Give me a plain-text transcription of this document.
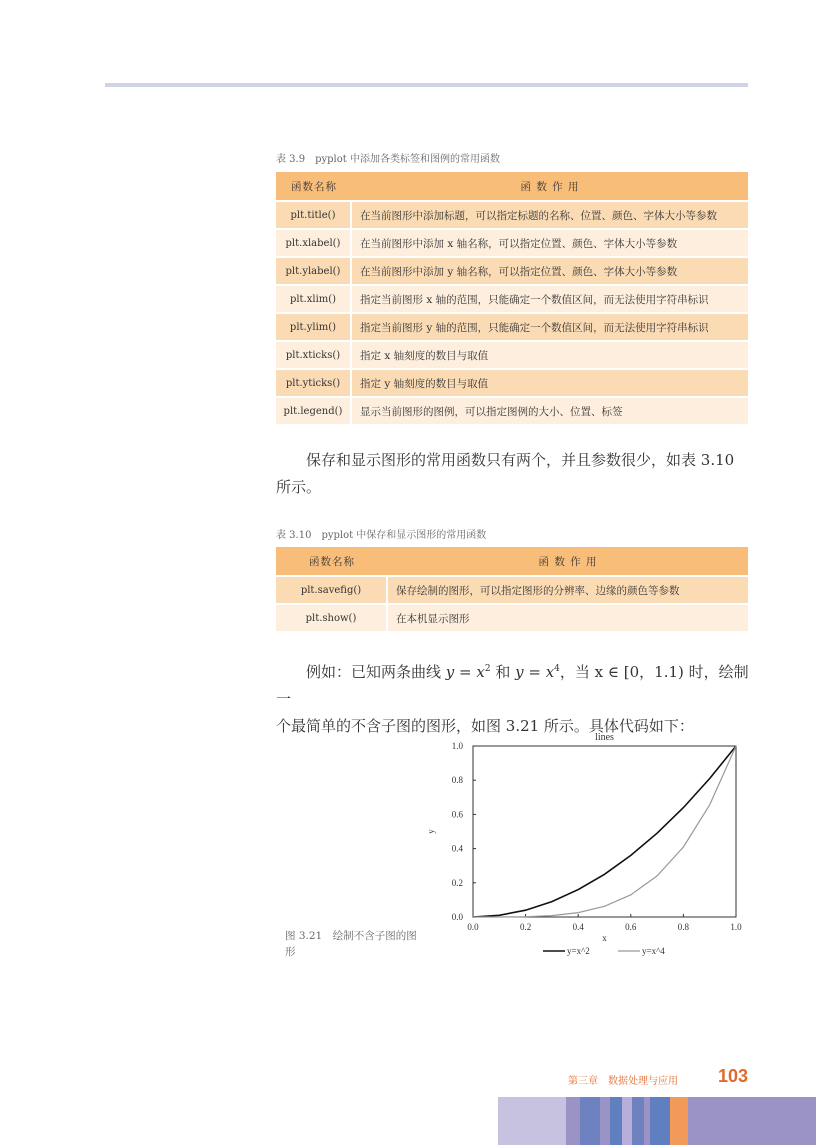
表 3.9　pyplot 中添加各类标签和图例的常用函数
函数名称	函 数 作 用
plt.title()	在当前图形中添加标题，可以指定标题的名称、位置、颜色、字体大小等参数
plt.xlabel()	在当前图形中添加 x 轴名称，可以指定位置、颜色、字体大小等参数
plt.ylabel()	在当前图形中添加 y 轴名称，可以指定位置、颜色、字体大小等参数
plt.xlim()	指定当前图形 x 轴的范围，只能确定一个数值区间，而无法使用字符串标识
plt.ylim()	指定当前图形 y 轴的范围，只能确定一个数值区间，而无法使用字符串标识
plt.xticks()	指定 x 轴刻度的数目与取值
plt.yticks()	指定 y 轴刻度的数目与取值
plt.legend()	显示当前图形的图例，可以指定图例的大小、位置、标签
保存和显示图形的常用函数只有两个，并且参数很少，如表 3.10 所示。
表 3.10　pyplot 中保存和显示图形的常用函数
函数名称	函 数 作 用
plt.savefig()	保存绘制的图形，可以指定图形的分辨率、边缘的颜色等参数
plt.show()	在本机显示图形
例如：已知两条曲线 $y = x^2$ 和 $y = x^4$，当 x ∈ [0，1.1) 时，绘制一
个最简单的不含子图的图形，如图 3.21 所示。具体代码如下：
图 3.21　绘制不含子图的图形
lines
0.0	0.2	0.4	0.6	0.8	1.0
0.0
0.2
0.4
0.6
0.8
1.0
x
y
y=x^2	y=x^4
第三章　数据处理与应用 103
